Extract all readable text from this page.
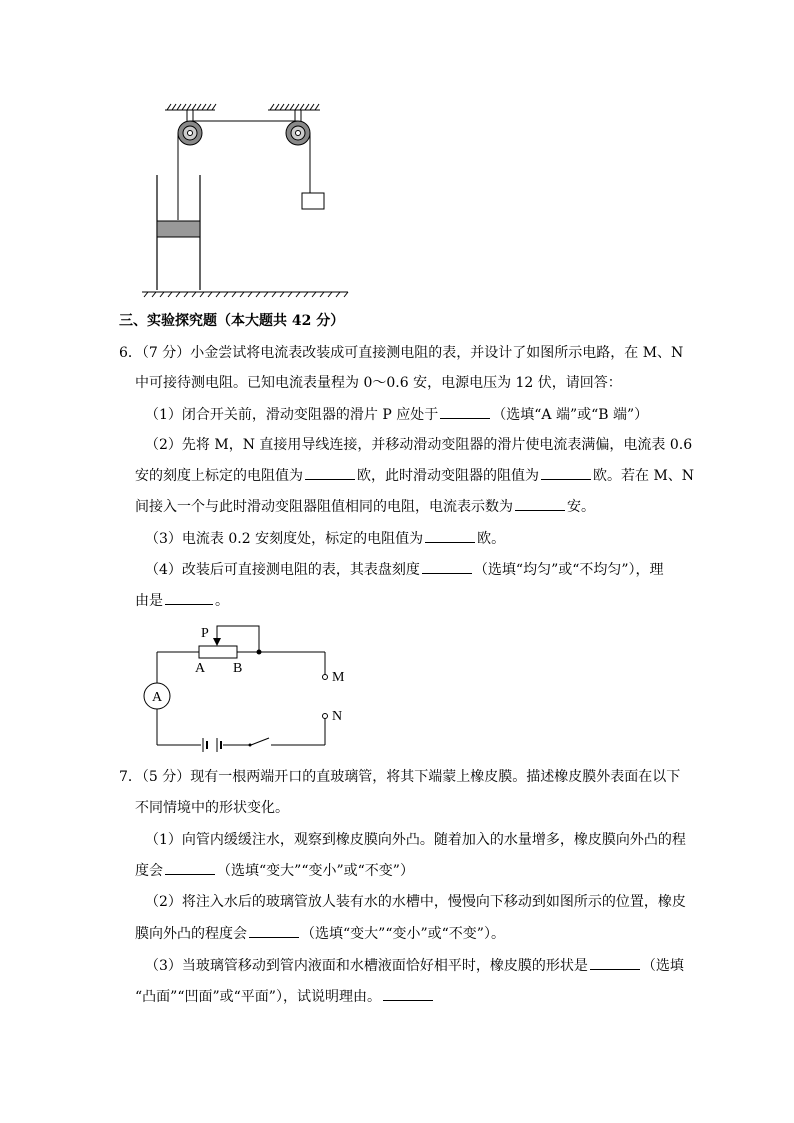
三、实验探究题（本大题共 42 分）
6．（7 分）小金尝试将电流表改装成可直接测电阻的表，并设计了如图所示电路，在 M、N
中可接待测电阻。已知电流表量程为 0～0.6 安，电源电压为 12 伏，请回答：
（1）闭合开关前，滑动变阻器的滑片 P 应处于	（选填“A 端”或“B 端”）
（2）先将 M，N 直接用导线连接，并移动滑动变阻器的滑片使电流表满偏，电流表 0.6
安的刻度上标定的电阻值为	欧，此时滑动变阻器的阻值为	欧。若在 M、N
间接入一个与此时滑动变阻器阻值相同的电阻，电流表示数为	安。
（3）电流表 0.2 安刻度处，标定的电阻值为	欧。
（4）改装后可直接测电阻的表，其表盘刻度	（选填“均匀”或“不均匀”），理
由是	。
A
P
A B
M
N
7．（5 分）现有一根两端开口的直玻璃管，将其下端蒙上橡皮膜。描述橡皮膜外表面在以下
不同情境中的形状变化。
（1）向管内缓缓注水，观察到橡皮膜向外凸。随着加入的水量增多，橡皮膜向外凸的程
度会	（选填“变大”“变小”或“不变”）
（2）将注入水后的玻璃管放人装有水的水槽中，慢慢向下移动到如图所示的位置，橡皮
膜向外凸的程度会	（选填“变大”“变小”或“不变”）。
（3）当玻璃管移动到管内液面和水槽液面恰好相平时，橡皮膜的形状是	（选填
“凸面”“凹面”或“平面”），试说明理由。
